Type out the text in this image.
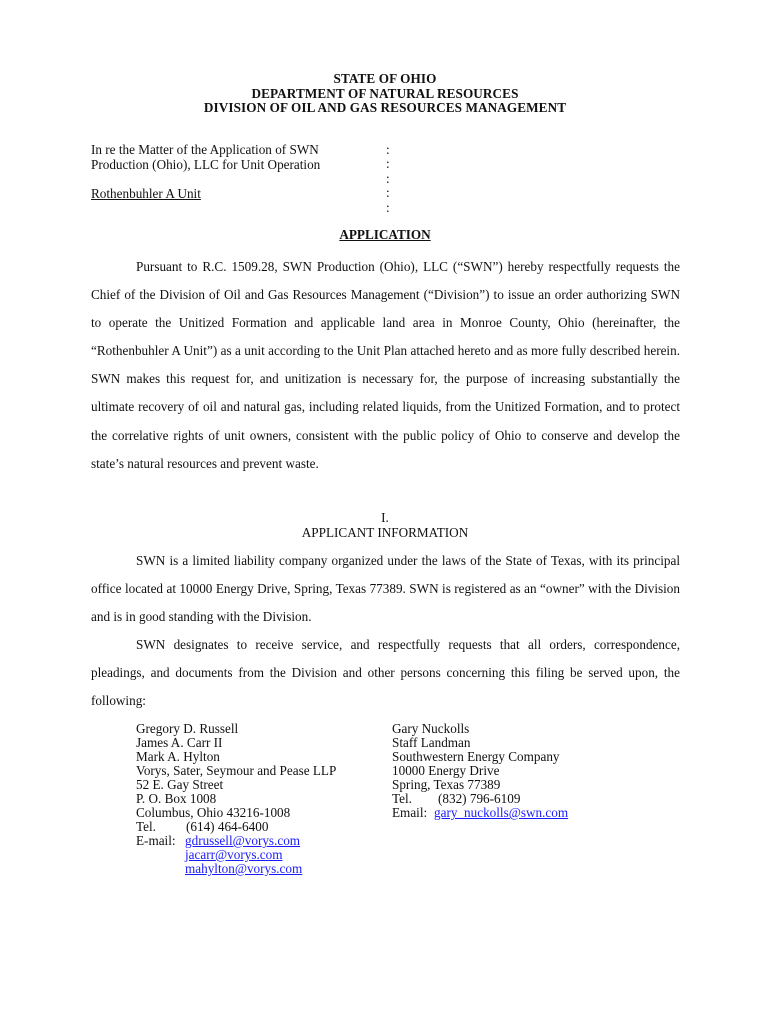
STATE OF OHIO
DEPARTMENT OF NATURAL RESOURCES
DIVISION OF OIL AND GAS RESOURCES MANAGEMENT
In re the Matter of the Application of SWN
Production (Ohio), LLC for Unit Operation
Rothenbuhler A Unit
:
:
:
:
:
APPLICATION

Pursuant to R.C. 1509.28, SWN Production (Ohio), LLC (“SWN”) hereby respectfully requests the Chief of the Division of Oil and Gas Resources Management (“Division”) to issue an order authorizing SWN to operate the Unitized Formation and applicable land area in Monroe County, Ohio (hereinafter, the “Rothenbuhler A Unit”) as a unit according to the Unit Plan attached hereto and as more fully described herein. SWN makes this request for, and unitization is necessary for, the purpose of increasing substantially the ultimate recovery of oil and natural gas, including related liquids, from the Unitized Formation, and to protect the correlative rights of unit owners, consistent with the public policy of Ohio to conserve and develop the state’s natural resources and prevent waste.

I.
APPLICANT INFORMATION

SWN is a limited liability company organized under the laws of the State of Texas, with its principal office located at 10000 Energy Drive, Spring, Texas 77389. SWN is registered as an “owner” with the Division and is in good standing with the Division.

SWN designates to receive service, and respectfully requests that all orders, correspondence, pleadings, and documents from the Division and other persons concerning this filing be served upon, the following:

Gregory D. Russell
James A. Carr II
Mark A. Hylton
Vorys, Sater, Seymour and Pease LLP
52 E. Gay Street
P. O. Box 1008
Columbus, Ohio 43216-1008
Tel. (614) 464-6400
E-mail: gdrussell@vorys.com
jacarr@vorys.com
mahylton@vorys.com
Gary Nuckolls
Staff Landman
Southwestern Energy Company
10000 Energy Drive
Spring, Texas 77389
Tel. (832) 796-6109
Email: gary_nuckolls@swn.com
